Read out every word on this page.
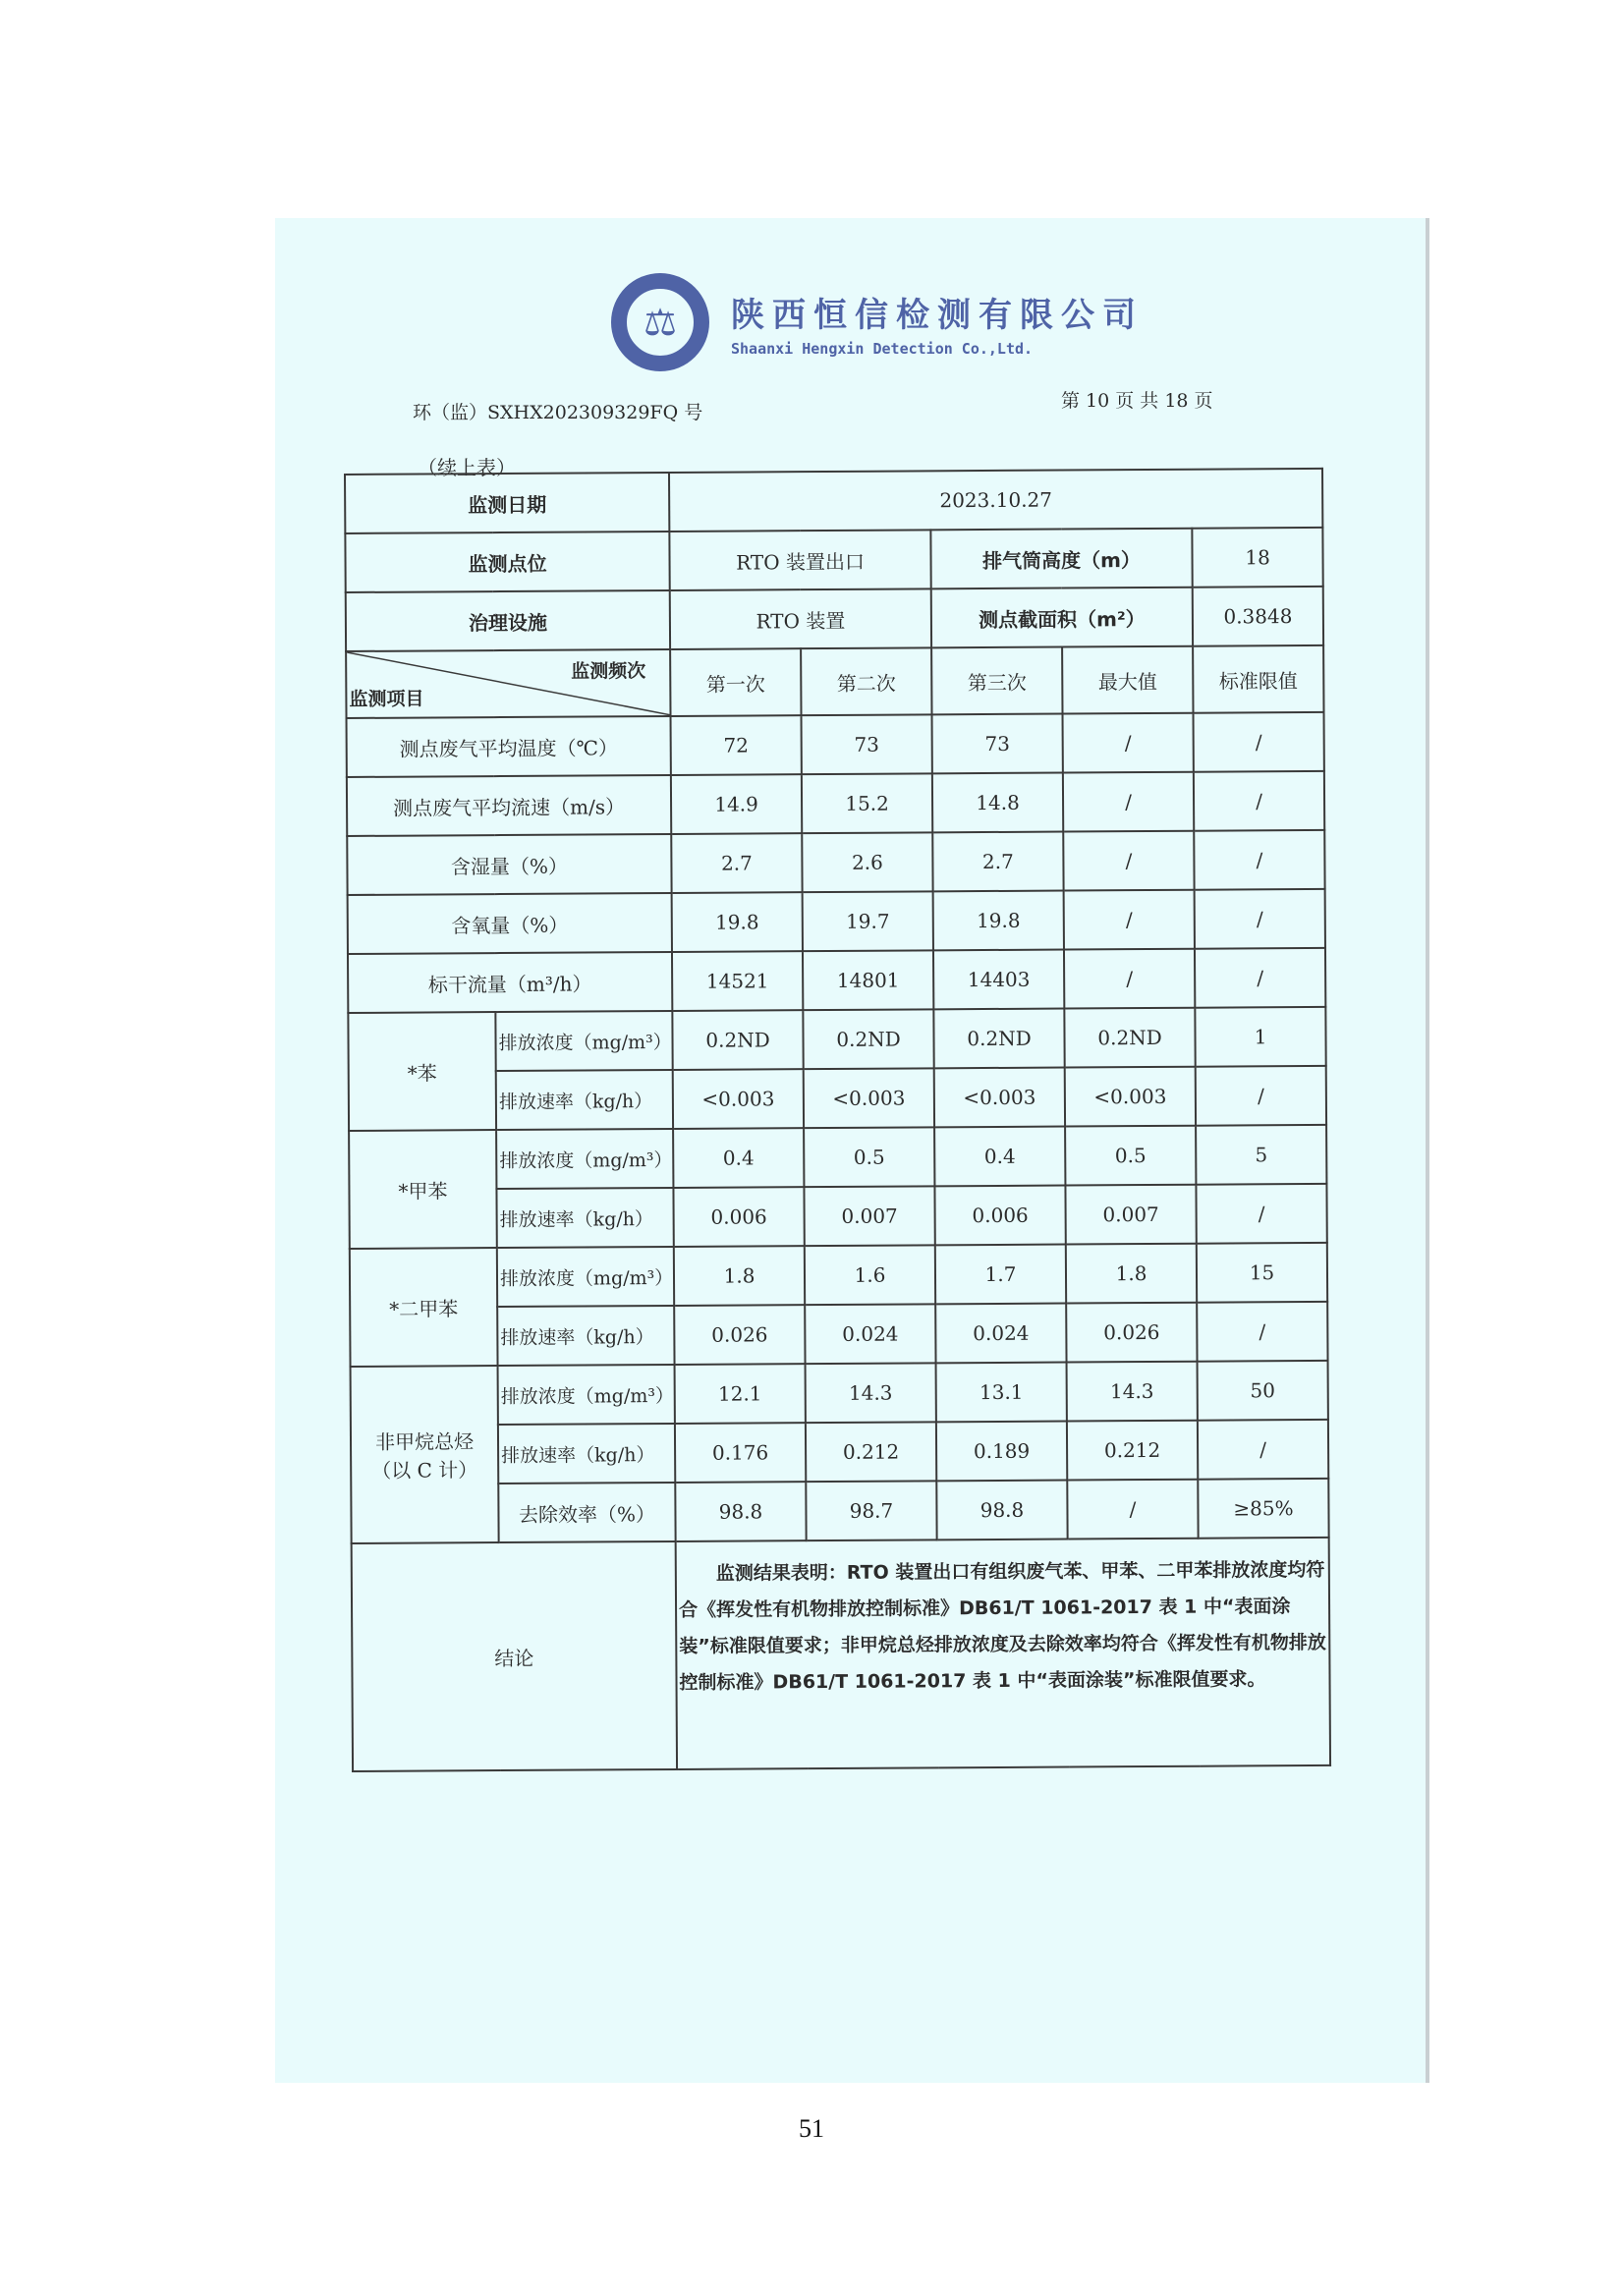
⚖	陕西恒信检测有限公司
Shaanxi Hengxin Detection Co.,Ltd.
环（监）SXHX202309329FQ 号
第 10 页 共 18 页
（续上表）
监测日期		2023.10.27				
监测点位		RTO 装置出口		排气筒高度（m）		18
治理设施		RTO 装置		测点截面积（m²）		0.3848

监测频次
监测项目		第一次	第二次	第三次	最大值	标准限值
测点废气平均温度（℃）		72	73	73	/	/
测点废气平均流速（m/s）		14.9	15.2	14.8	/	/
含湿量（%）		2.7	2.6	2.7	/	/
含氧量（%）		19.8	19.7	19.8	/	/
标干流量（m³/h）		14521	14801	14403	/	/
*苯	排放浓度（mg/m³）	0.2ND	0.2ND	0.2ND	0.2ND	1
	排放速率（kg/h）	<0.003	<0.003	<0.003	<0.003	/
*甲苯	排放浓度（mg/m³）	0.4	0.5	0.4	0.5	5
	排放速率（kg/h）	0.006	0.007	0.006	0.007	/
*二甲苯	排放浓度（mg/m³）	1.8	1.6	1.7	1.8	15
	排放速率（kg/h）	0.026	0.024	0.024	0.026	/

非甲烷总烃
（以 C 计）	排放浓度（mg/m³）	12.1	14.3	13.1	14.3	50
	排放速率（kg/h）	0.176	0.212	0.189	0.212	/
	去除效率（%）	98.8	98.7	98.8	/	≥85%
结论		监测结果表明：RTO 装置出口有组织废气苯、甲苯、二甲苯排放浓度均符合《挥发性有机物排放控制标准》DB61/T 1061-2017 表 1 中“表面涂装”标准限值要求；非甲烷总烃排放浓度及去除效率均符合《挥发性有机物排放控制标准》DB61/T 1061-2017 表 1 中“表面涂装”标准限值要求。				
51
